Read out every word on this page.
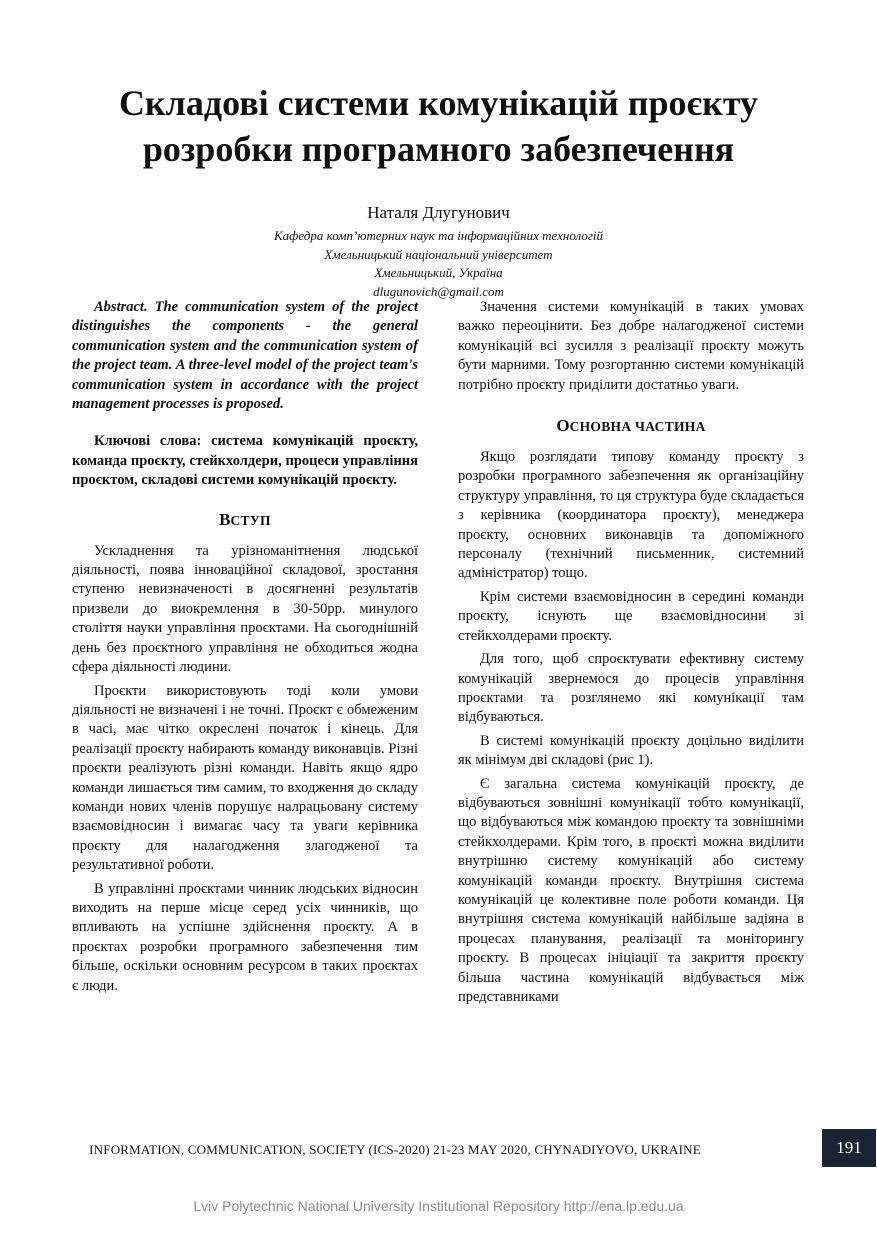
Складові системи комунікацій проєкту
розробки програмного забезпечення
Наталя Длугунович
Кафедра комп’ютерних наук та інформаційних технологій
Хмельницький національний університет
Хмельницький, Україна
dlugunovich@gmail.com

Abstract. The communication system of the project distinguishes the components - the general communication system and the communication system of the project team. A three-level model of the project team's communication system in accordance with the project management processes is proposed.

Ключові слова: система комунікацій проєкту, команда проєкту, стейкхолдери, процеси управління проєктом, складові системи комунікацій проєкту.

ВСТУП

Ускладнення та урізноманітнення людської діяльності, поява інноваційної складової, зростання ступеню невизначеності в досягненні результатів призвели до виокремлення в 30-50рр. минулого століття науки управління проєктами. На сьогоднішній день без проєктного управління не обходиться жодна сфера діяльності людини.

Проєкти використовують тоді коли умови діяльності не визначені і не точні. Проєкт є обмеженим в часі, має чітко окреслені початок і кінець. Для реалізації проєкту набирають команду виконавців. Різні проєкти реалізують різні команди. Навіть якщо ядро команди лишається тим самим, то входження до складу команди нових членів порушує налрацьовану систему взаємовідносин і вимагає часу та уваги керівника проєкту для налагодження злагодженої та результативної роботи.

В управлінні проєктами чинник людських відносин виходить на перше місце серед усіх чинників, що впливають на успішне здійснення проєкту. А в проєктах розробки програмного забезпечення тим більше, оскільки основним ресурсом в таких проєктах є люди.

Значення системи комунікацій в таких умовах важко переоцінити. Без добре налагодженої системи комунікацій всі зусилля з реалізації проєкту можуть бути марними. Тому розгортанню системи комунікацій потрібно проєкту приділити достатньо уваги.

ОСНОВНА ЧАСТИНА

Якщо розглядати типову команду проєкту з розробки програмного забезпечення як організаційну структуру управління, то ця структура буде складається з керівника (координатора проєкту), менеджера проєкту, основних виконавців та допоміжного персоналу (технічний письменник, системний адміністратор) тощо.

Крім системи взаємовідносин в середині команди проєкту, існують ще взаємовідносини зі стейкхолдерами проєкту.

Для того, щоб спроєктувати ефективну систему комунікацій звернемося до процесів управління проєктами та розглянемо які комунікації там відбуваються.

В системі комунікацій проєкту доцільно виділити як мінімум дві складові (рис 1).

Є загальна система комунікацій проєкту, де відбуваються зовнішні комунікації тобто комунікації, що відбуваються між командою проєкту та зовнішніми стейкхолдерами. Крім того, в проєкті можна виділити внутрішню систему комунікацій або систему комунікацій команди проєкту. Внутрішня система комунікацій це колективне поле роботи команди. Ця внутрішня система комунікацій найбільше задіяна в процесах планування, реалізації та моніторингу проєкту. В процесах ініціації та закриття проєкту більша частина комунікацій відбувається між представниками

INFORMATION, COMMUNICATION, SOCIETY (ICS-2020) 21-23 MAY 2020, CHYNADIYOVO, UKRAINE	191
Lviv Polytechnic National University Institutional Repository http://ena.lp.edu.ua
